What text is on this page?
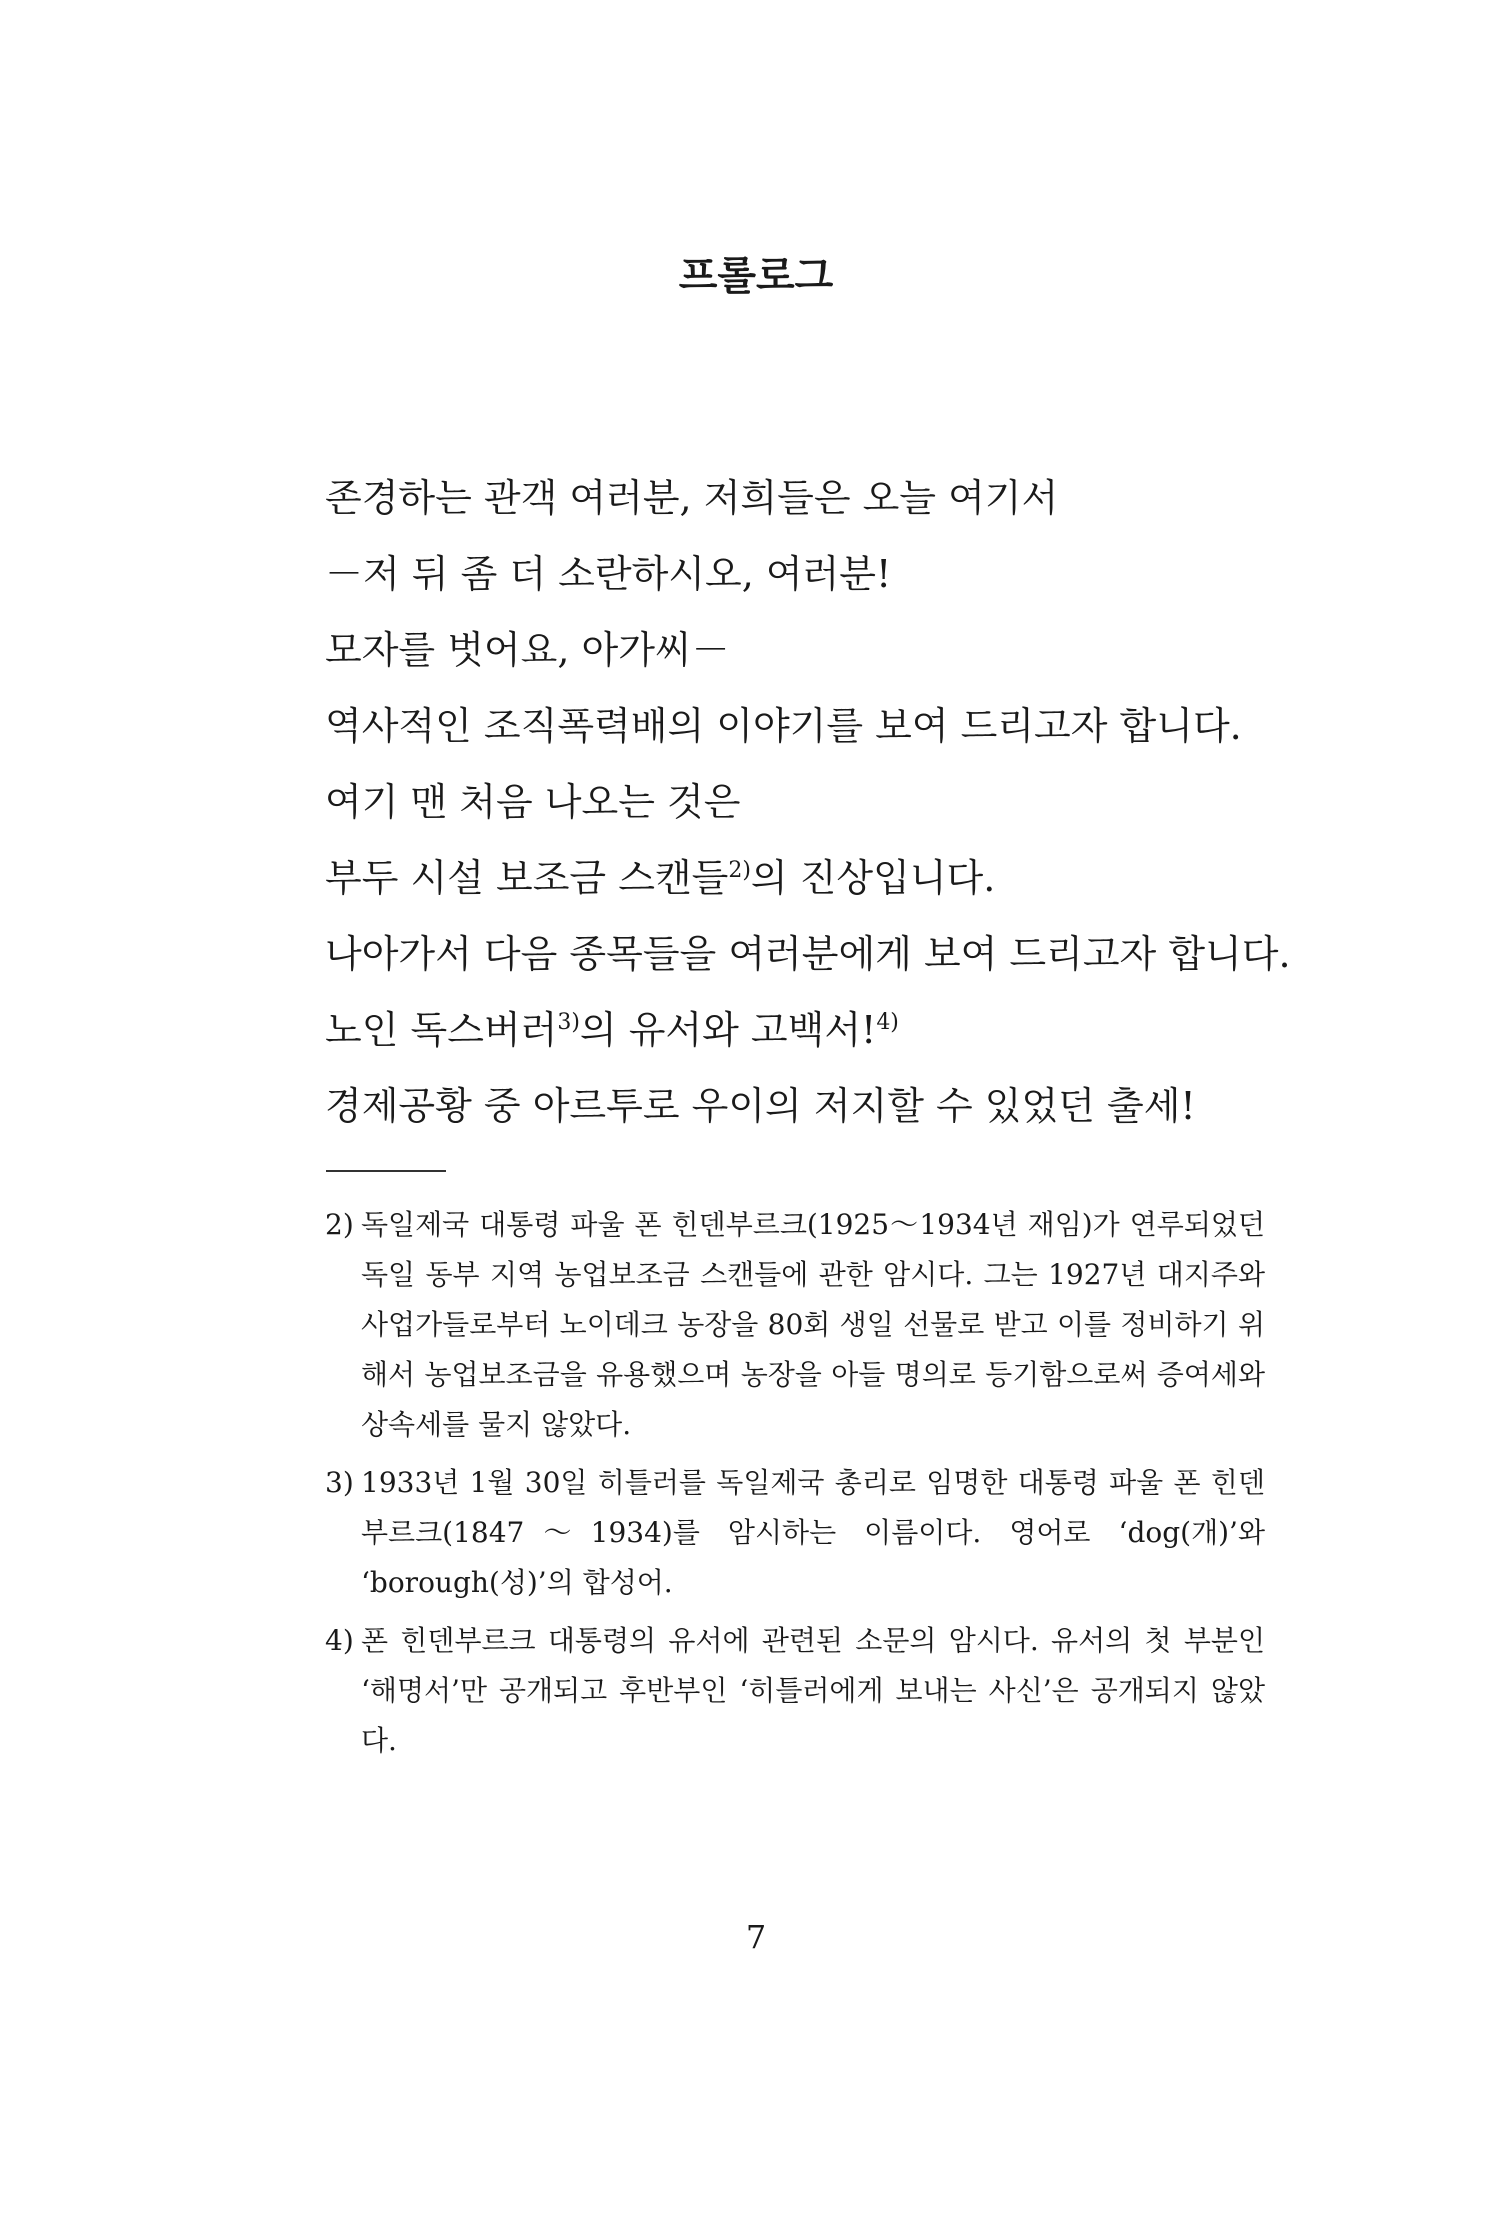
프롤로그
존경하는 관객 여러분, 저희들은 오늘 여기서
－저 뒤 좀 더 소란하시오, 여러분!
모자를 벗어요, 아가씨－
역사적인 조직폭력배의 이야기를 보여 드리고자 합니다.
여기 맨 처음 나오는 것은
부두 시설 보조금 스캔들$^{2)}$의 진상입니다.
나아가서 다음 종목들을 여러분에게 보여 드리고자 합니다.
노인 독스버러$^{3)}$의 유서와 고백서!$^{4)}$
경제공황 중 아르투로 우이의 저지할 수 있었던 출세!
2) 독일제국 대통령 파울 폰 힌덴부르크(1925～1934년 재임)가 연루되었던 독일 동부 지역 농업보조금 스캔들에 관한 암시다. 그는 1927년 대지주와 사업가들로부터 노이데크 농장을 80회 생일 선물로 받고 이를 정비하기 위해서 농업보조금을 유용했으며 농장을 아들 명의로 등기함으로써 증여세와 상속세를 물지 않았다.
3) 1933년 1월 30일 히틀러를 독일제국 총리로 임명한 대통령 파울 폰 힌덴부르크(1847～1934)를 암시하는 이름이다. 영어로 ‘dog(개)’와 ‘borough(성)’의 합성어.
4) 폰 힌덴부르크 대통령의 유서에 관련된 소문의 암시다. 유서의 첫 부분인 ‘해명서’만 공개되고 후반부인 ‘히틀러에게 보내는 사신’은 공개되지 않았다.
7
